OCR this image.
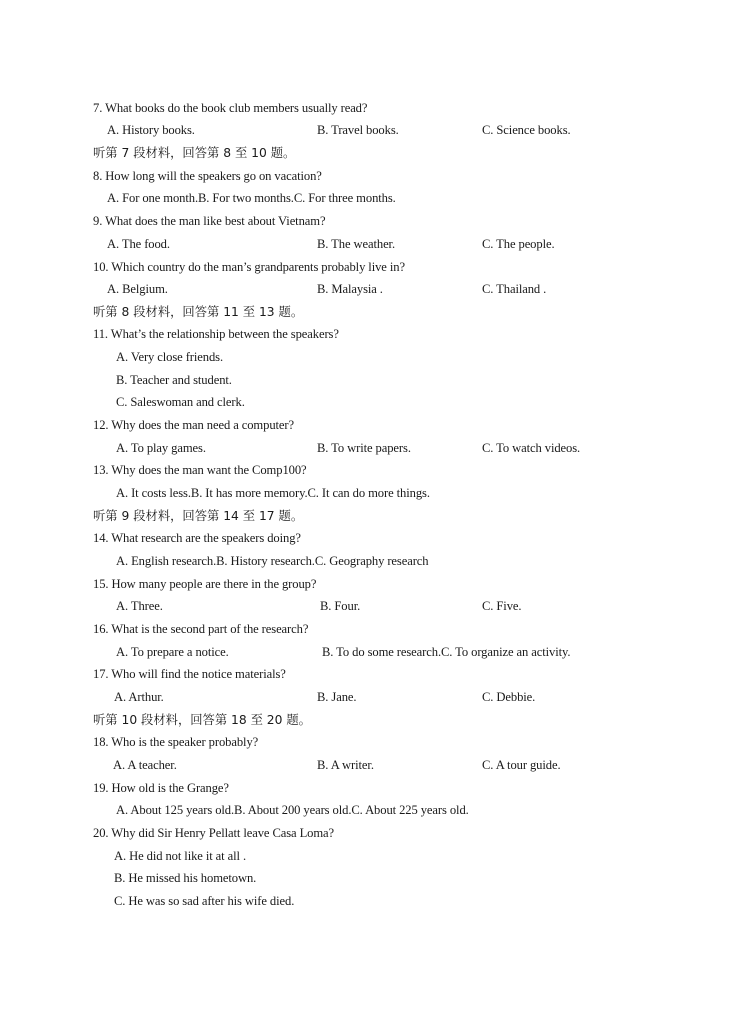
7. What books do the book club members usually read?
A. History books.	B. Travel books.	C. Science books.
听第 7 段材料，回答第 8 至 10 题。
8. How long will the speakers go on vacation?
A. For one month.B. For two months.C. For three months.
9. What does the man like best about Vietnam?
A. The food.	B. The weather.	C. The people.
10. Which country do the man’s grandparents probably live in?
A. Belgium.	B. Malaysia .	C. Thailand .
听第 8 段材料，回答第 11 至 13 题。
11. What’s the relationship between the speakers?
A. Very close friends.
B. Teacher and student.
C. Saleswoman and clerk.
12. Why does the man need a computer?
A. To play games.	B. To write papers.	C. To watch videos.
13. Why does the man want the Comp100?
A. It costs less.B. It has more memory.C. It can do more things.
听第 9 段材料，回答第 14 至 17 题。
14. What research are the speakers doing?
A. English research.B. History research.C. Geography research
15. How many people are there in the group?
A. Three.	B. Four.	C. Five.
16. What is the second part of the research?
A. To prepare a notice.	B. To do some research.C. To organize an activity.
17. Who will find the notice materials?
A. Arthur.	B. Jane.	C. Debbie.
听第 10 段材料，回答第 18 至 20 题。
18. Who is the speaker probably?
A. A teacher.	B. A writer.	C. A tour guide.
19. How old is the Grange?
A. About 125 years old.B. About 200 years old.C. About 225 years old.
20. Why did Sir Henry Pellatt leave Casa Loma?
A. He did not like it at all .
B. He missed his hometown.
C. He was so sad after his wife died.
